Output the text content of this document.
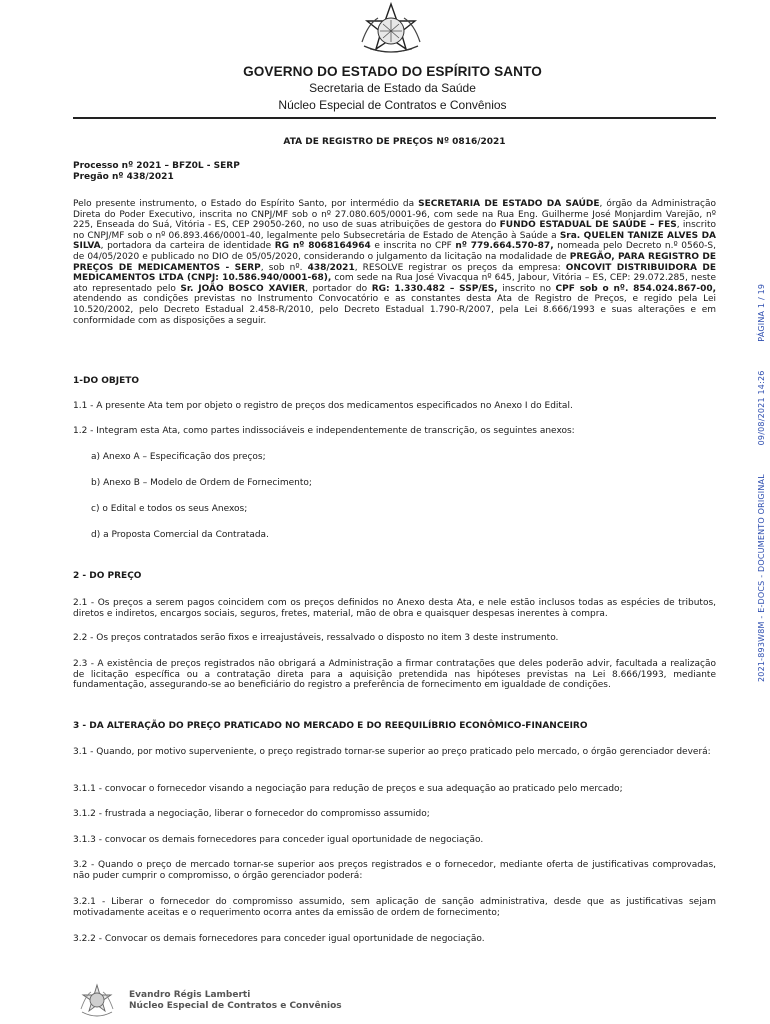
GOVERNO DO ESTADO DO ESPÍRITO SANTO
Secretaria de Estado da Saúde
Núcleo Especial de Contratos e Convênios
ATA DE REGISTRO DE PREÇOS Nº 0816/2021
Processo nº 2021 – BFZ0L - SERP
Pregão nº 438/2021
Pelo presente instrumento, o Estado do Espírito Santo, por intermédio da SECRETARIA DE ESTADO DA SAÚDE, órgão da Administração Direta do Poder Executivo, inscrita no CNPJ/MF sob o nº 27.080.605/0001-96, com sede na Rua Eng. Guilherme José Monjardim Varejão, nº 225, Enseada do Suá, Vitória - ES, CEP 29050-260, no uso de suas atribuições de gestora do FUNDO ESTADUAL DE SAÚDE – FES, inscrito no CNPJ/MF sob o nº 06.893.466/0001-40, legalmente pelo Subsecretária de Estado de Atenção à Saúde a Sra. QUELEN TANIZE ALVES DA SILVA, portadora da carteira de identidade RG nº 8068164964 e inscrita no CPF nº 779.664.570-87, nomeada pelo Decreto n.º 0560-S, de 04/05/2020 e publicado no DIO de 05/05/2020, considerando o julgamento da licitação na modalidade de PREGÃO, PARA REGISTRO DE PREÇOS DE MEDICAMENTOS - SERP, sob nº. 438/2021, RESOLVE registrar os preços da empresa: ONCOVIT DISTRIBUIDORA DE MEDICAMENTOS LTDA (CNPJ: 10.586.940/0001-68), com sede na Rua José Vivacqua nº 645, Jabour, Vitória – ES, CEP: 29.072.285, neste ato representado pelo Sr. JOÃO BOSCO XAVIER, portador do RG: 1.330.482 – SSP/ES, inscrito no CPF sob o nº. 854.024.867-00, atendendo as condições previstas no Instrumento Convocatório e as constantes desta Ata de Registro de Preços, e regido pela Lei 10.520/2002, pelo Decreto Estadual 2.458-R/2010, pelo Decreto Estadual 1.790-R/2007, pela Lei 8.666/1993 e suas alterações e em conformidade com as disposições a seguir.
1-DO OBJETO
1.1 - A presente Ata tem por objeto o registro de preços dos medicamentos especificados no Anexo I do Edital.
1.2 - Integram esta Ata, como partes indissociáveis e independentemente de transcrição, os seguintes anexos:
a) Anexo A – Especificação dos preços;
b) Anexo B – Modelo de Ordem de Fornecimento;
c) o Edital e todos os seus Anexos;
d) a Proposta Comercial da Contratada.
2 - DO PREÇO
2.1 - Os preços a serem pagos coincidem com os preços definidos no Anexo desta Ata, e nele estão inclusos todas as espécies de tributos, diretos e indiretos, encargos sociais, seguros, fretes, material, mão de obra e quaisquer despesas inerentes à compra.
2.2 - Os preços contratados serão fixos e irreajustáveis, ressalvado o disposto no item 3 deste instrumento.
2.3 - A existência de preços registrados não obrigará a Administração a firmar contratações que deles poderão advir, facultada a realização de licitação específica ou a contratação direta para a aquisição pretendida nas hipóteses previstas na Lei 8.666/1993, mediante fundamentação, assegurando-se ao beneficiário do registro a preferência de fornecimento em igualdade de condições.
3 - DA ALTERAÇÃO DO PREÇO PRATICADO NO MERCADO E DO REEQUILÍBRIO ECONÔMICO-FINANCEIRO
3.1 - Quando, por motivo superveniente, o preço registrado tornar-se superior ao preço praticado pelo mercado, o órgão gerenciador deverá:
3.1.1 - convocar o fornecedor visando a negociação para redução de preços e sua adequação ao praticado pelo mercado;
3.1.2 - frustrada a negociação, liberar o fornecedor do compromisso assumido;
3.1.3 - convocar os demais fornecedores para conceder igual oportunidade de negociação.
3.2 - Quando o preço de mercado tornar-se superior aos preços registrados e o fornecedor, mediante oferta de justificativas comprovadas, não puder cumprir o compromisso, o órgão gerenciador poderá:
3.2.1 - Liberar o fornecedor do compromisso assumido, sem aplicação de sanção administrativa, desde que as justificativas sejam motivadamente aceitas e o requerimento ocorra antes da emissão de ordem de fornecimento;
3.2.2 - Convocar os demais fornecedores para conceder igual oportunidade de negociação.
2021-893W8M - E-DOCS - DOCUMENTO ORIGINAL 09/08/2021 14:26 PÁGINA 1 / 19
Evandro Régis Lamberti
Núcleo Especial de Contratos e Convênios
